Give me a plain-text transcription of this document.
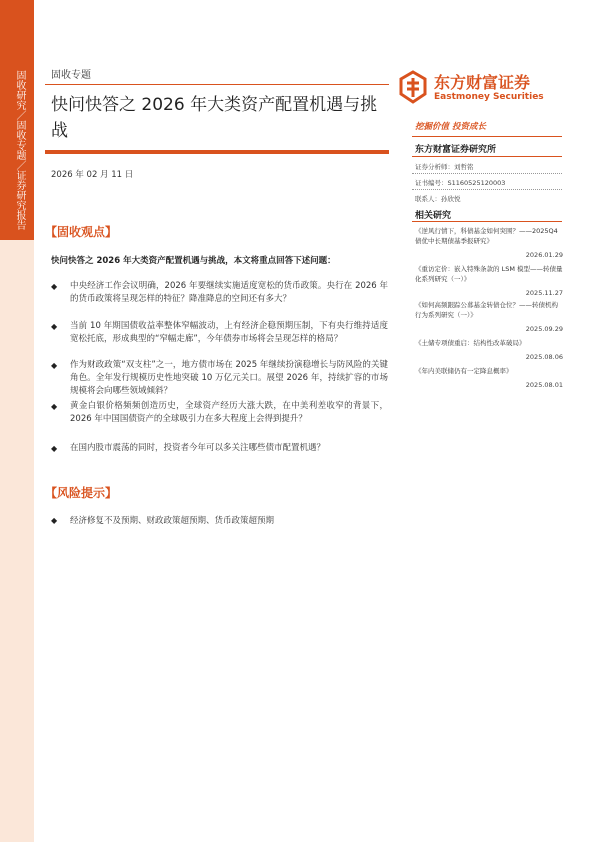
固收研究／固收专题／证券研究报告	固收专题
快问快答之 2026 年大类资产配置机遇与挑战
2026 年 02 月 11 日
东方财富证券
Eastmoney Securities
挖掘价值 投资成长
东方财富证券研究所
证券分析师：刘哲铭
证书编号：S1160525120003
联系人：孙欣悦
相关研究
《逆风行情下，科债基金如何突围？——2025Q4 债优中长期债基季报研究》
2026.01.29
《重访定价：嵌入特殊条款的 LSM 模型——转债量化系列研究（一）》
2025.11.27
《如何高频跟踪公募基金转债仓位？——转债机构行为系列研究（一）》
2025.09.29
《土储专项债重启：结构性改革破局》
2025.08.06
《年内美联储仍有一定降息概率》
2025.08.01
【固收观点】
快问快答之 2026 年大类资产配置机遇与挑战，本文将重点回答下述问题：
◆ 中央经济工作会议明确，2026 年要继续实施适度宽松的货币政策。央行在 2026 年的货币政策将呈现怎样的特征？降准降息的空间还有多大？
◆ 当前 10 年期国债收益率整体窄幅波动，上有经济企稳预期压制，下有央行维持适度宽松托底，形成典型的“窄幅走廊”，今年债券市场将会呈现怎样的格局？
◆ 作为财政政策“双支柱”之一，地方债市场在 2025 年继续扮演稳增长与防风险的关键角色。全年发行规模历史性地突破 10 万亿元关口。展望 2026 年，持续扩容的市场规模将会向哪些领域倾斜？
◆ 黄金白银价格频频创造历史，全球资产经历大涨大跌，在中美利差收窄的背景下，2026 年中国国债资产的全球吸引力在多大程度上会得到提升？
◆ 在国内股市震荡的同时，投资者今年可以多关注哪些债市配置机遇？
【风险提示】
◆ 经济修复不及预期、财政政策超预期、货币政策超预期
